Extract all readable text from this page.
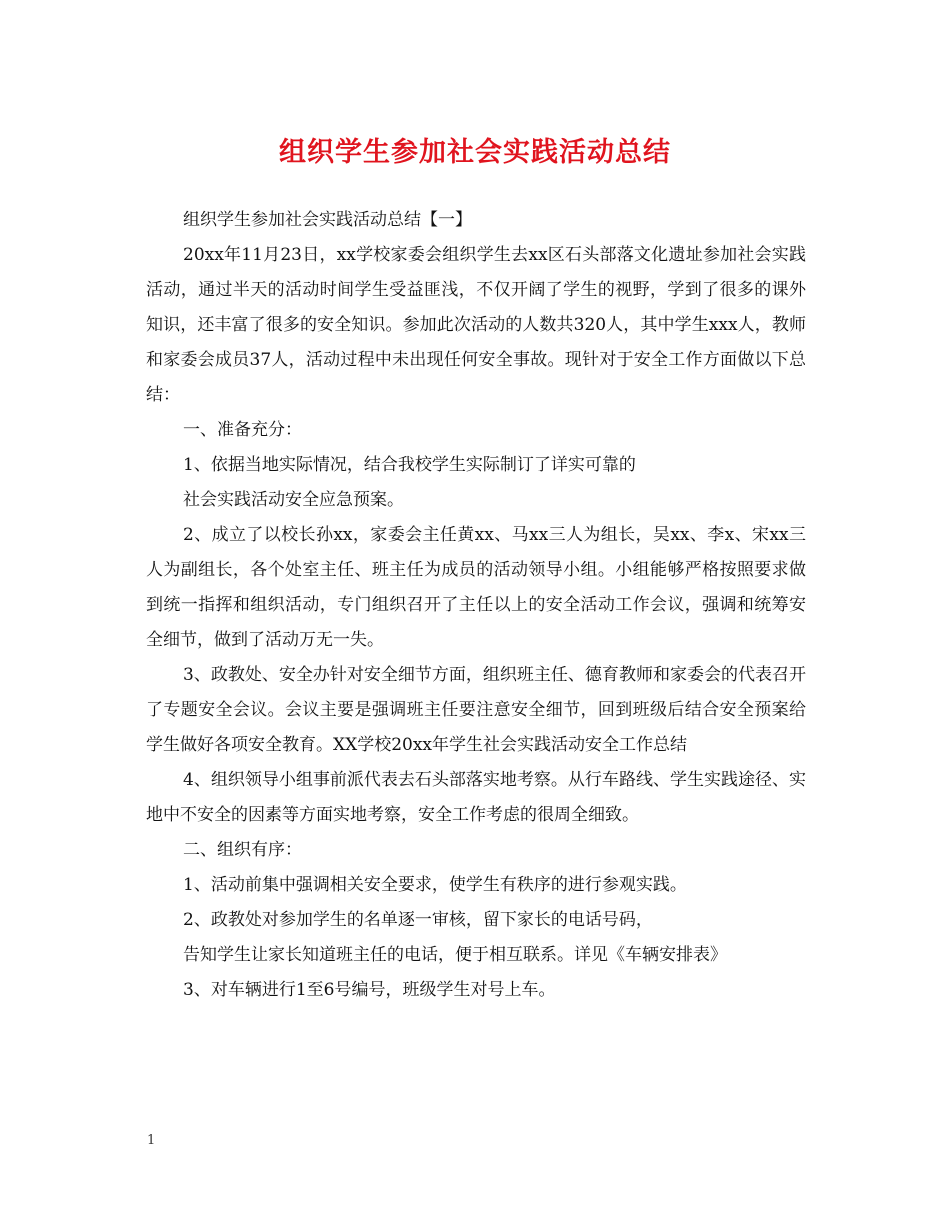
组织学生参加社会实践活动总结

组织学生参加社会实践活动总结【一】

20xx年11月23日，xx学校家委会组织学生去xx区石头部落文化遗址参加社会实践活动，通过半天的活动时间学生受益匪浅，不仅开阔了学生的视野，学到了很多的课外知识，还丰富了很多的安全知识。参加此次活动的人数共320人，其中学生xxx人，教师和家委会成员37人，活动过程中未出现任何安全事故。现针对于安全工作方面做以下总结：

一、准备充分：

1、依据当地实际情况，结合我校学生实际制订了详实可靠的

社会实践活动安全应急预案。

2、成立了以校长孙xx，家委会主任黄xx、马xx三人为组长，吴xx、李x、宋xx三人为副组长，各个处室主任、班主任为成员的活动领导小组。小组能够严格按照要求做到统一指挥和组织活动，专门组织召开了主任以上的安全活动工作会议，强调和统筹安全细节，做到了活动万无一失。

3、政教处、安全办针对安全细节方面，组织班主任、德育教师和家委会的代表召开了专题安全会议。会议主要是强调班主任要注意安全细节，回到班级后结合安全预案给学生做好各项安全教育。XX学校20xx年学生社会实践活动安全工作总结

4、组织领导小组事前派代表去石头部落实地考察。从行车路线、学生实践途径、实地中不安全的因素等方面实地考察，安全工作考虑的很周全细致。

二、组织有序：

1、活动前集中强调相关安全要求，使学生有秩序的进行参观实践。

2、政教处对参加学生的名单逐一审核，留下家长的电话号码，

告知学生让家长知道班主任的电话，便于相互联系。详见《车辆安排表》

3、对车辆进行1至6号编号，班级学生对号上车。

1
